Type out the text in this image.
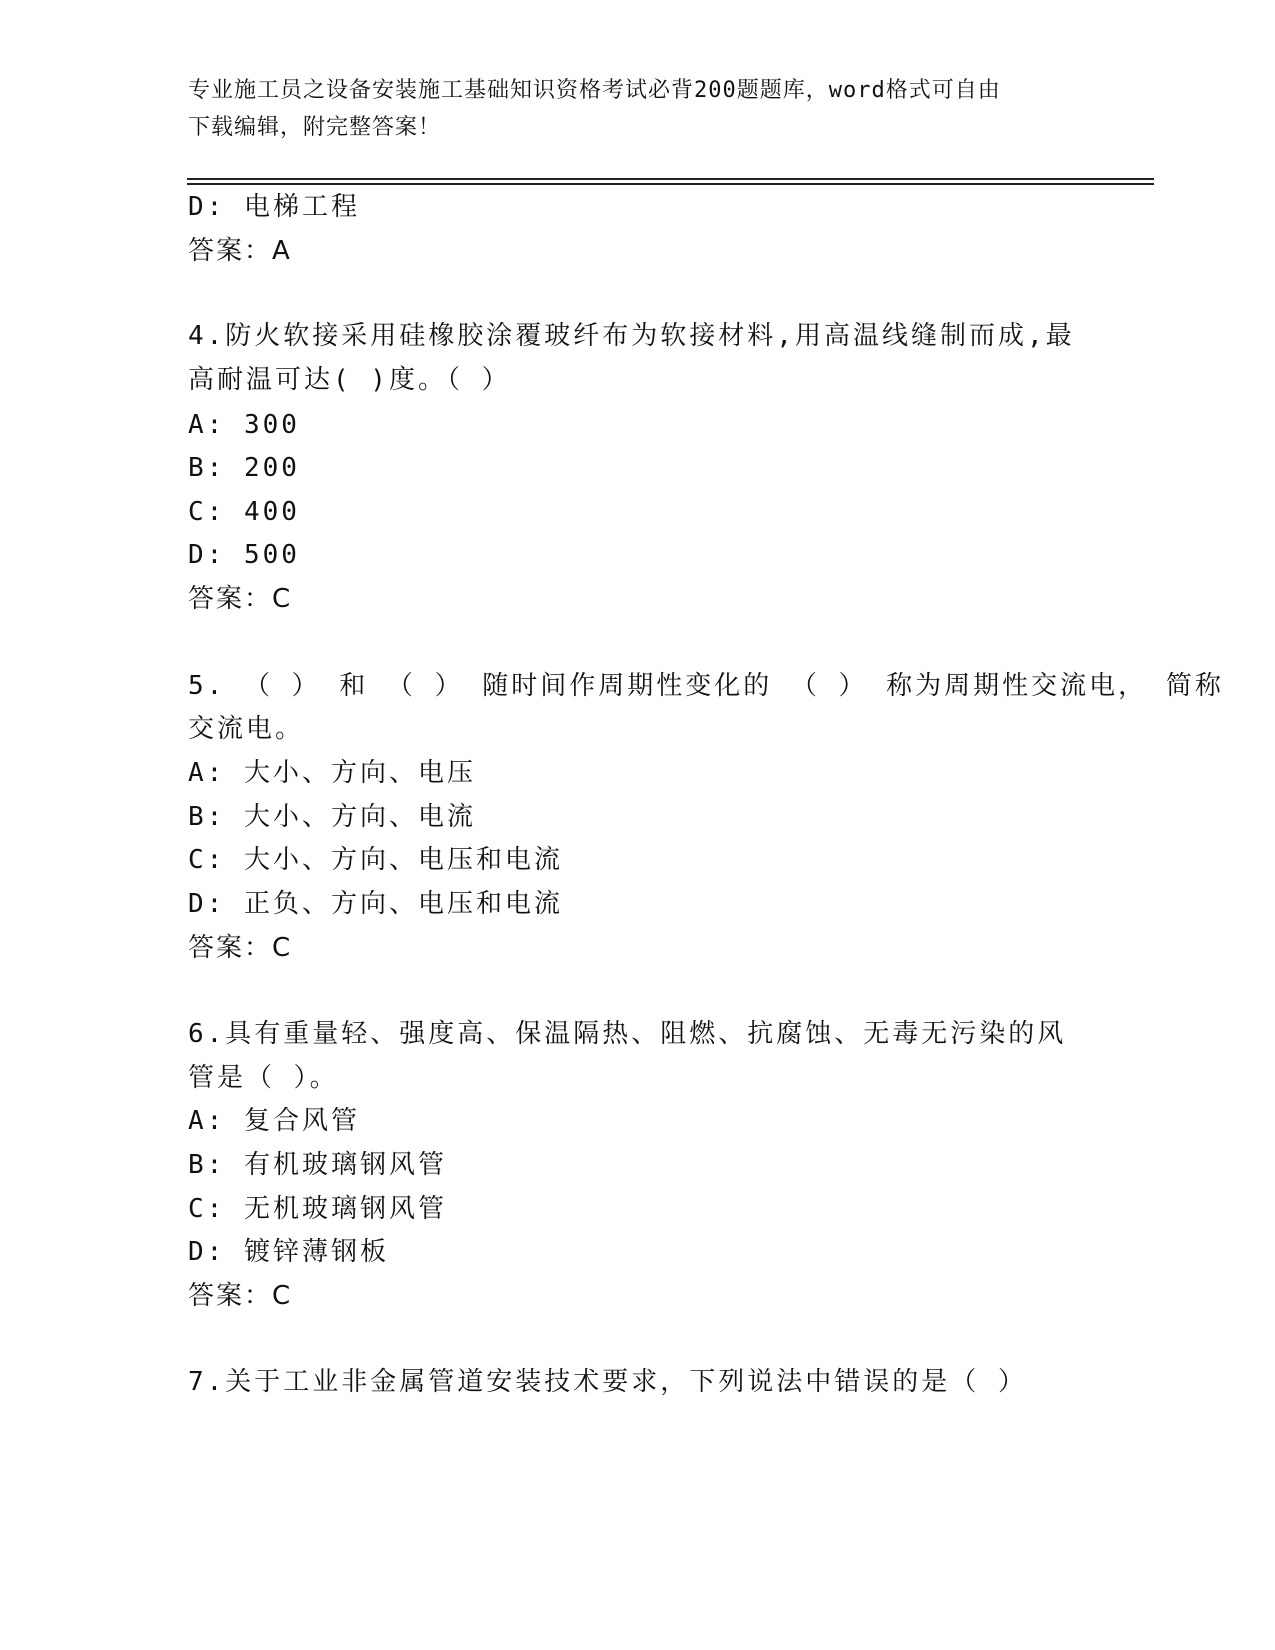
专业施工员之设备安装施工基础知识资格考试必背200题题库，word格式可自由
下载编辑，附完整答案！
D: 电梯工程
答案：A
4.防火软接采用硅橡胶涂覆玻纤布为软接材料,用高温线缝制而成,最
高耐温可达( )度。（ ）
A: 300
B: 200
C: 400
D: 500
答案：C
5. （ ） 和 （ ） 随时间作周期性变化的 （ ） 称为周期性交流电， 简称
交流电。
A: 大小、方向、电压
B: 大小、方向、电流
C: 大小、方向、电压和电流
D: 正负、方向、电压和电流
答案：C
6.具有重量轻、强度高、保温隔热、阻燃、抗腐蚀、无毒无污染的风
管是（ ）。
A: 复合风管
B: 有机玻璃钢风管
C: 无机玻璃钢风管
D: 镀锌薄钢板
答案：C
7.关于工业非金属管道安装技术要求，下列说法中错误的是（ ）
